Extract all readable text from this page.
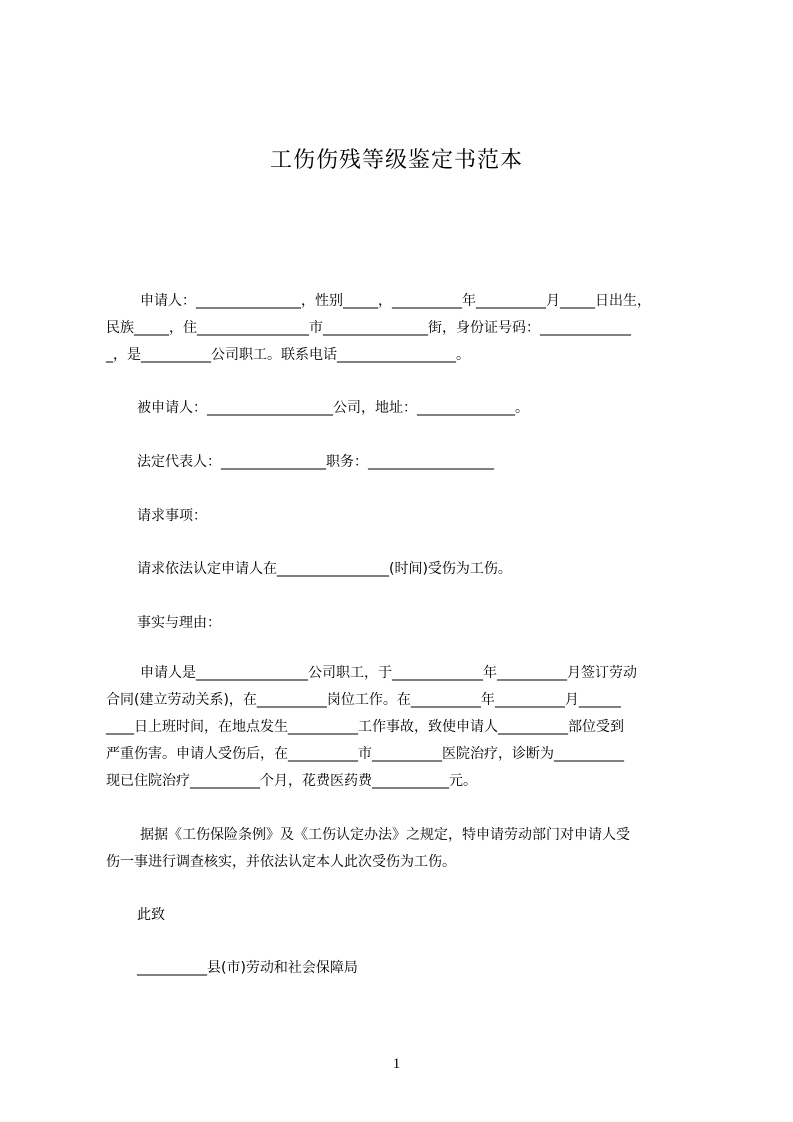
工伤伤残等级鉴定书范本
申请人：_______________，性别_____，__________年__________月_____日出生，
民族_____，住________________市_______________街，身份证号码：_____________
_，是__________公司职工。联系电话_________________。
被申请人：__________________公司，地址：______________。
法定代表人：_______________职务：__________________
请求事项：
请求依法认定申请人在________________(时间)受伤为工伤。
事实与理由：
申请人是________________公司职工，于_____________年__________月签订劳动
合同(建立劳动关系)，在__________岗位工作。在__________年__________月______
____日上班时间，在地点发生__________工作事故，致使申请人__________部位受到
严重伤害。申请人受伤后，在__________市__________医院治疗，诊断为__________
现已住院治疗__________个月，花费医药费___________元。
据据《工伤保险条例》及《工伤认定办法》之规定，特申请劳动部门对申请人受
伤一事进行调查核实，并依法认定本人此次受伤为工伤。
此致
__________县(市)劳动和社会保障局
1
